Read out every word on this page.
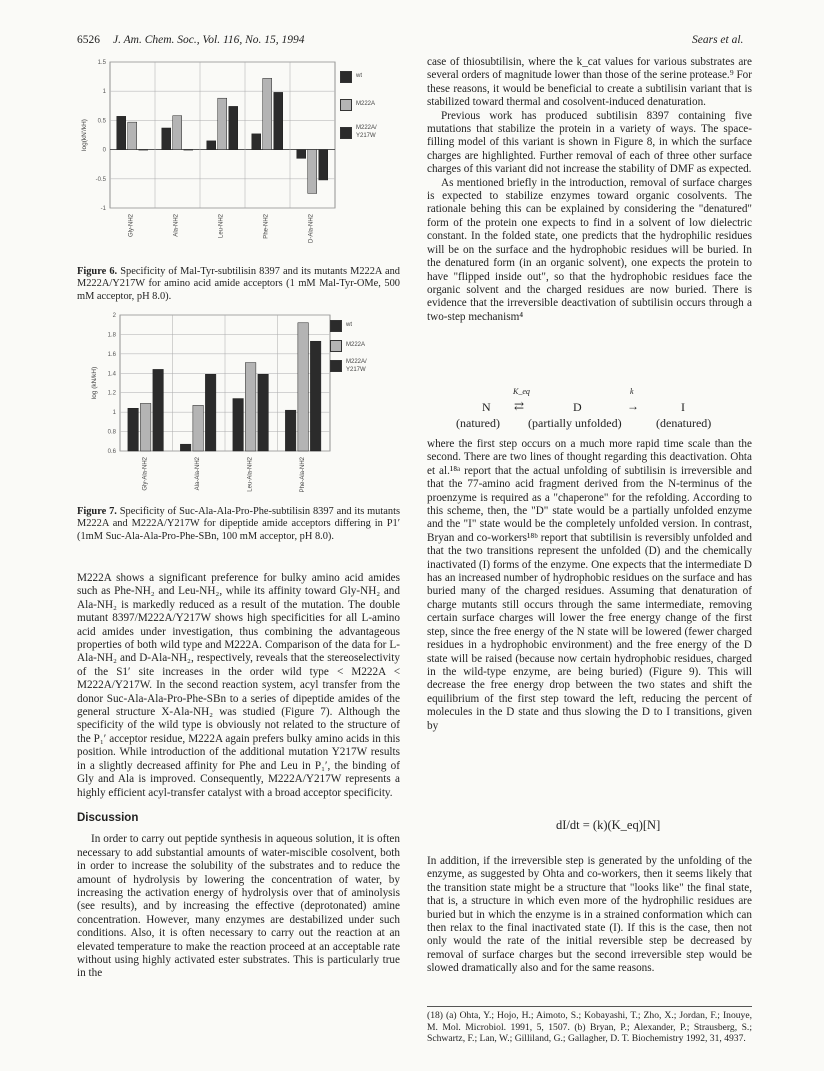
6526 J. Am. Chem. Soc., Vol. 116, No. 15, 1994	Sears et al.
1.5
1
0.5
0
-0.5
-1
Gly-NH2	Ala-NH2	Leu-NH2	Phe-NH2	D-Ala-NH2
log(kN'/kH)
wt
M222A
M222A/
Y217W
Figure 6. Specificity of Mal-Tyr-subtilisin 8397 and its mutants M222A and M222A/Y217W for amino acid amide acceptors (1 mM Mal-Tyr-OMe, 500 mM acceptor, pH 8.0).
2
1.8
1.6
1.4
1.2
1
0.8
0.6
Gly-Ala-NH2	Ala-Ala-NH2	Leu-Ala-NH2	Phe-Ala-NH2
log (kN/kH)
wt
M222A
M222A/
Y217W
Figure 7. Specificity of Suc-Ala-Ala-Pro-Phe-subtilisin 8397 and its mutants M222A and M222A/Y217W for dipeptide amide acceptors differing in P1′ (1mM Suc-Ala-Ala-Pro-Phe-SBn, 100 mM acceptor, pH 8.0).

M222A shows a significant preference for bulky amino acid amides such as Phe-NH₂ and Leu-NH₂, while its affinity toward Gly-NH₂ and Ala-NH₂ is markedly reduced as a result of the mutation. The double mutant 8397/M222A/Y217W shows high specificities for all L-amino acid amides under investigation, thus combining the advantageous properties of both wild type and M222A. Comparison of the data for L-Ala-NH₂ and D-Ala-NH₂, respectively, reveals that the stereoselectivity of the S1′ site increases in the order wild type < M222A < M222A/Y217W. In the second reaction system, acyl transfer from the donor Suc-Ala-Ala-Pro-Phe-SBn to a series of dipeptide amides of the general structure X-Ala-NH₂ was studied (Figure 7). Although the specificity of the wild type is obviously not related to the structure of the P₁′ acceptor residue, M222A again prefers bulky amino acids in this position. While introduction of the additional mutation Y217W results in a slightly decreased affinity for Phe and Leu in P₁′, the binding of Gly and Ala is improved. Consequently, M222A/Y217W represents a highly efficient acyl-transfer catalyst with a broad acceptor specificity.

Discussion

In order to carry out peptide synthesis in aqueous solution, it is often necessary to add substantial amounts of water-miscible cosolvent, both in order to increase the solubility of the substrates and to reduce the amount of hydrolysis by lowering the concentration of water, by increasing the activation energy of hydrolysis over that of aminolysis (see results), and by increasing the effective (deprotonated) amine concentration. However, many enzymes are destabilized under such conditions. Also, it is often necessary to carry out the reaction at an elevated temperature to make the reaction proceed at an acceptable rate without using highly activated ester substrates. This is particularly true in the

case of thiosubtilisin, where the k_cat values for various substrates are several orders of magnitude lower than those of the serine protease.⁹ For these reasons, it would be beneficial to create a subtilisin variant that is stabilized toward thermal and cosolvent-induced denaturation.

Previous work has produced subtilisin 8397 containing five mutations that stabilize the protein in a variety of ways. The space-filling model of this variant is shown in Figure 8, in which the surface charges are highlighted. Further removal of each of three other surface charges of this variant did not increase the stability of DMF as expected.

As mentioned briefly in the introduction, removal of surface charges is expected to stabilize enzymes toward organic cosolvents. The rationale behing this can be explained by considering the "denatured" form of the protein one expects to find in a solvent of low dielectric constant. In the folded state, one predicts that the hydrophilic residues will be on the surface and the hydrophobic residues will be buried. In the denatured form (in an organic solvent), one expects the protein to have "flipped inside out", so that the hydrophobic residues face the organic solvent and the charged residues are now buried. There is evidence that the irreversible deactivation of subtilisin occurs through a two-step mechanism⁴

N
K_eq
⇄	D
k
→	I
(natured) (partially unfolded)	(denatured)

where the first step occurs on a much more rapid time scale than the second. There are two lines of thought regarding this deactivation. Ohta et al.¹⁸ᵃ report that the actual unfolding of subtilisin is irreversible and that the 77-amino acid fragment derived from the N-terminus of the proenzyme is required as a "chaperone" for the refolding. According to this scheme, then, the "D" state would be a partially unfolded enzyme and the "I" state would be the completely unfolded version. In contrast, Bryan and co-workers¹⁸ᵇ report that subtilisin is reversibly unfolded and that the two transitions represent the unfolded (D) and the chemically inactivated (I) forms of the enzyme. One expects that the intermediate D has an increased number of hydrophobic residues on the surface and has buried many of the charged residues. Assuming that denaturation of charge mutants still occurs through the same intermediate, removing certain surface charges will lower the free energy change of the first step, since the free energy of the N state will be lowered (fewer charged residues in a hydrophobic environment) and the free energy of the D state will be raised (because now certain hydrophobic residues, charged in the wild-type enzyme, are being buried) (Figure 9). This will decrease the free energy drop between the two states and shift the equilibrium of the first step toward the left, reducing the percent of molecules in the D state and thus slowing the D to I transitions, given by

dI/dt = (k)(K_eq)[N]

In addition, if the irreversible step is generated by the unfolding of the enzyme, as suggested by Ohta and co-workers, then it seems likely that the transition state might be a structure that "looks like" the final state, that is, a structure in which even more of the hydrophilic residues are buried but in which the enzyme is in a strained conformation which can then relax to the final inactivated state (I). If this is the case, then not only would the rate of the initial reversible step be decreased by removal of surface charges but the second irreversible step would be slowed dramatically also and for the same reasons.

(18) (a) Ohta, Y.; Hojo, H.; Aimoto, S.; Kobayashi, T.; Zho, X.; Jordan, F.; Inouye, M. Mol. Microbiol. 1991, 5, 1507. (b) Bryan, P.; Alexander, P.; Strausberg, S.; Schwartz, F.; Lan, W.; Gilliland, G.; Gallagher, D. T. Biochemistry 1992, 31, 4937.
